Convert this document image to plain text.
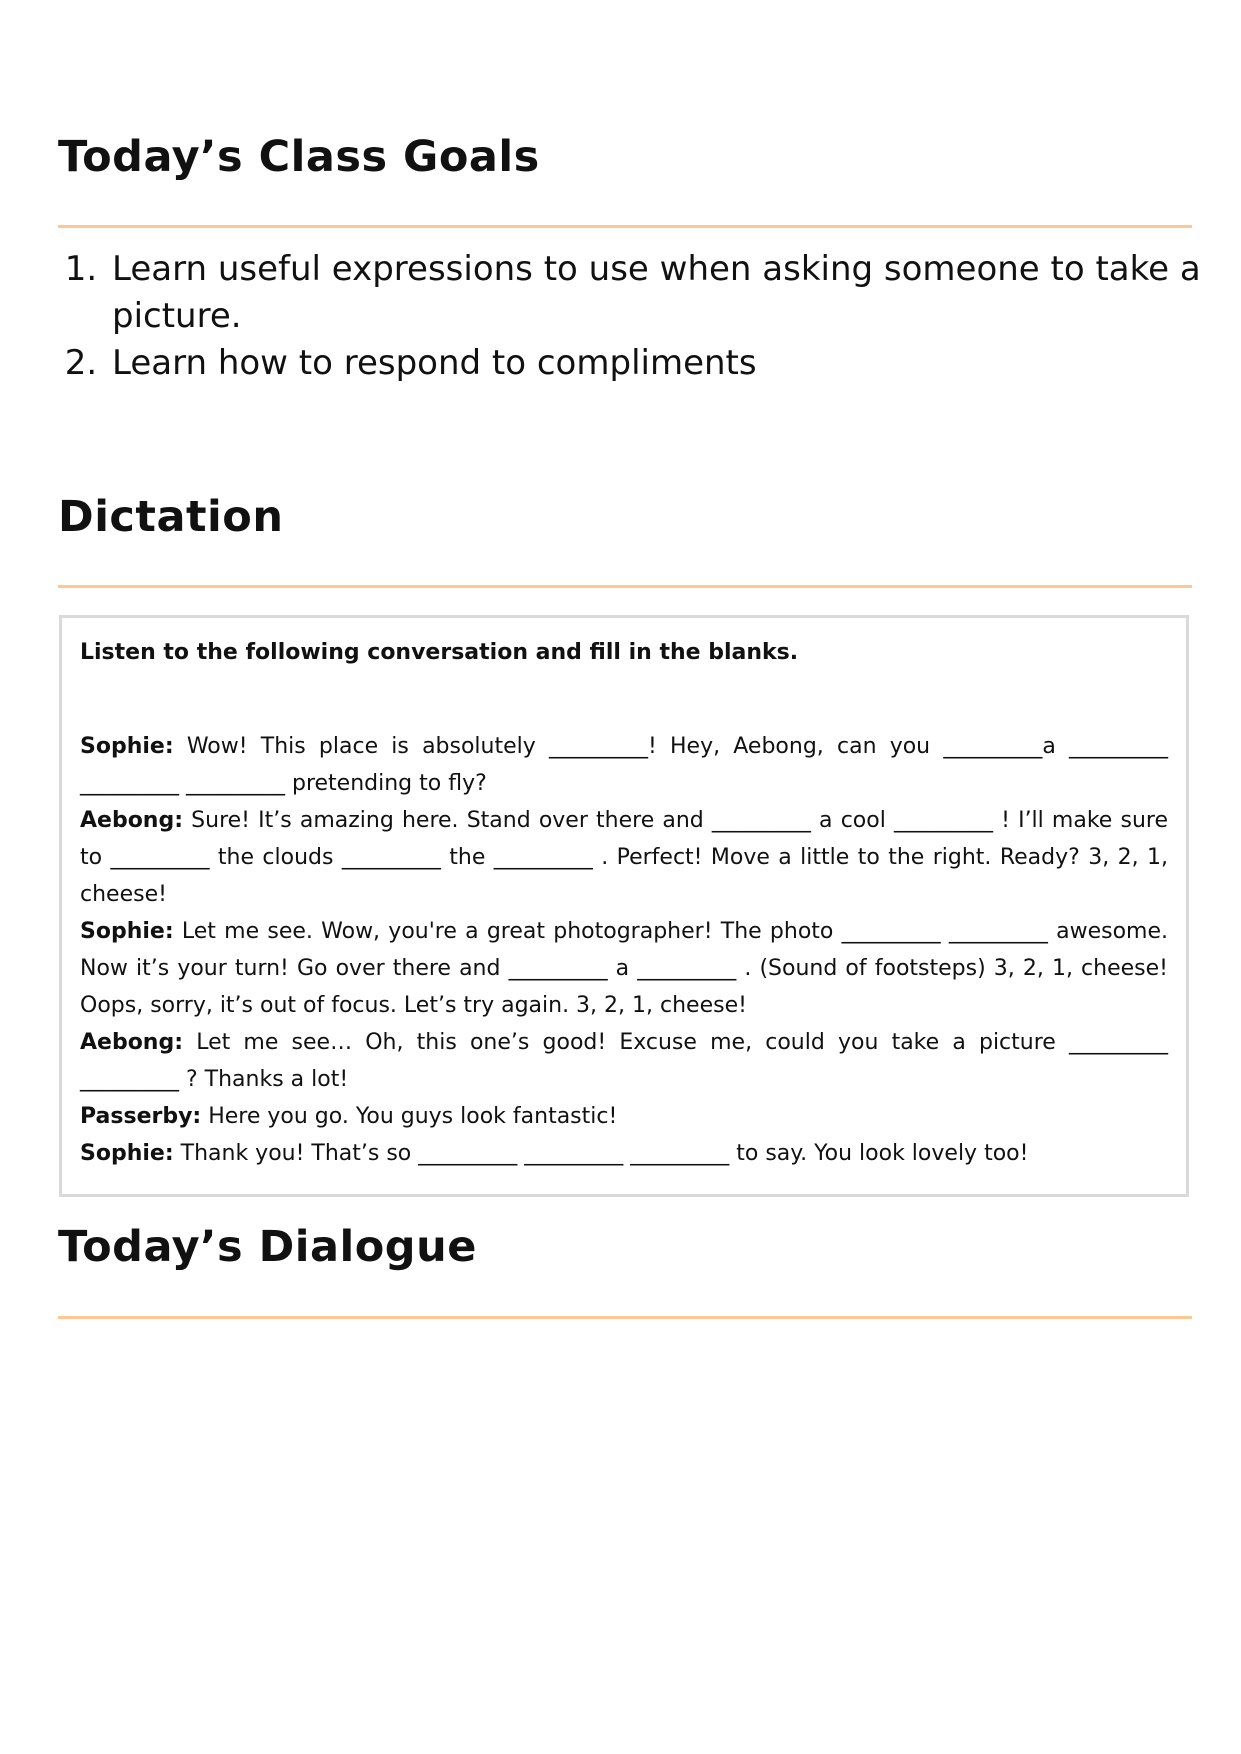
Today’s Class Goals
1. Learn useful expressions to use when asking someone to take a picture.
2. Learn how to respond to compliments
Dictation

Listen to the following conversation and fill in the blanks.

Sophie: Wow! This place is absolutely _________! Hey, Aebong, can you _________a _________ _________ _________ pretending to fly?

Aebong: Sure! It’s amazing here. Stand over there and _________ a cool _________ ! I’ll make sure to _________ the clouds _________ the _________ . Perfect! Move a little to the right. Ready? 3, 2, 1, cheese!

Sophie: Let me see. Wow, you're a great photographer! The photo _________ _________ awesome. Now it’s your turn! Go over there and _________ a _________ . (Sound of footsteps) 3, 2, 1, cheese! Oops, sorry, it’s out of focus. Let’s try again. 3, 2, 1, cheese!

Aebong: Let me see… Oh, this one’s good! Excuse me, could you take a picture _________ _________ ? Thanks a lot!

Passerby: Here you go. You guys look fantastic!

Sophie: Thank you! That’s so _________ _________ _________ to say. You look lovely too!

Today’s Dialogue
